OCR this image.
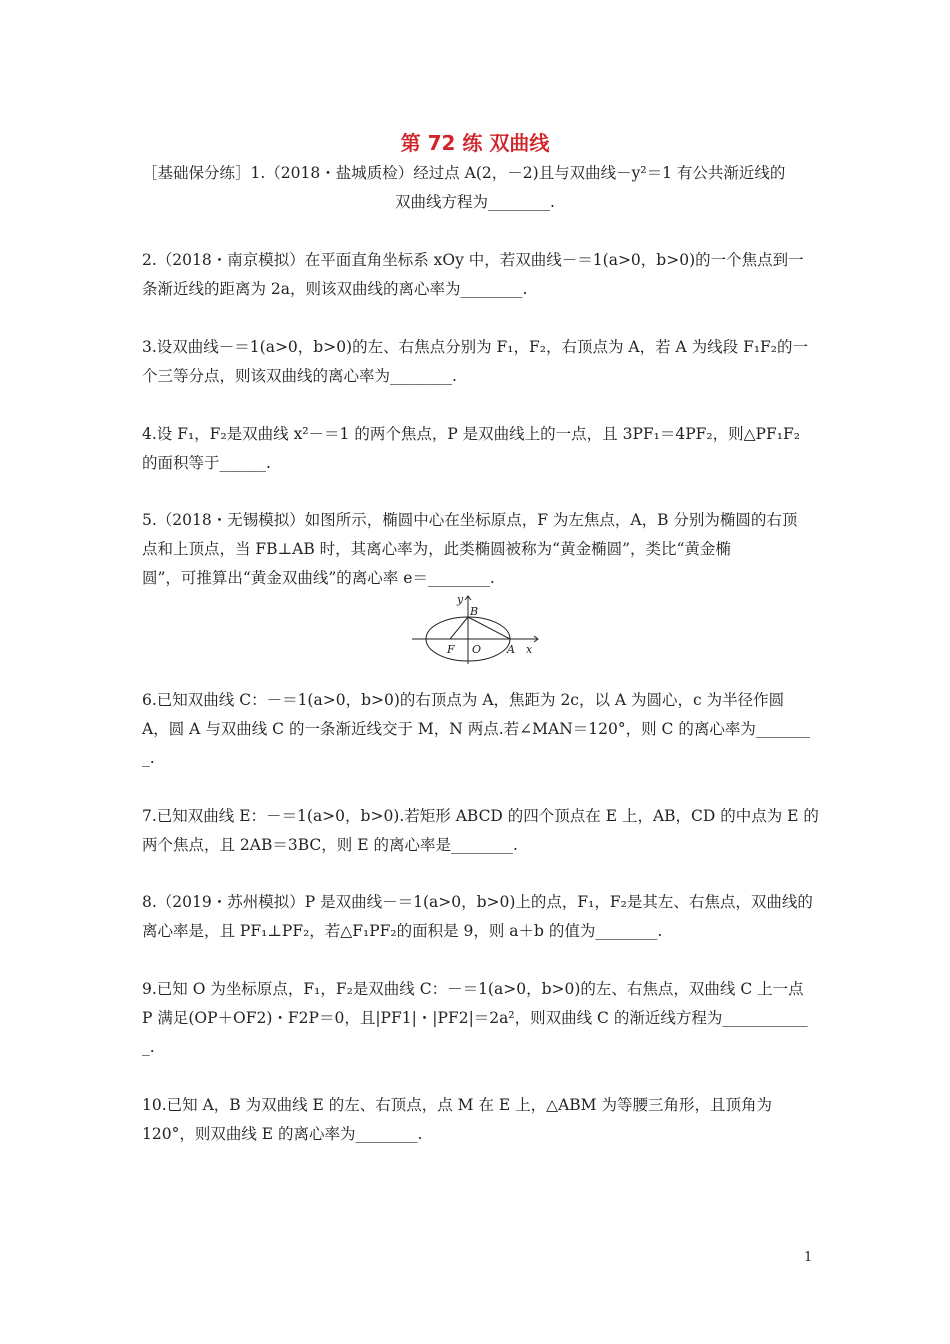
第 72 练 双曲线
［基础保分练］1.（2018・盐城质检）经过点 A(2，－2)且与双曲线－y²＝1 有公共渐近线的
双曲线方程为________.
2.（2018・南京模拟）在平面直角坐标系 xOy 中，若双曲线－＝1(a>0，b>0)的一个焦点到一
条渐近线的距离为 2a，则该双曲线的离心率为________.
3.设双曲线－＝1(a>0，b>0)的左、右焦点分别为 F₁，F₂，右顶点为 A，若 A 为线段 F₁F₂的一
个三等分点，则该双曲线的离心率为________.
4.设 F₁，F₂是双曲线 x²－＝1 的两个焦点，P 是双曲线上的一点，且 3PF₁＝4PF₂，则△PF₁F₂
的面积等于______.
5.（2018・无锡模拟）如图所示，椭圆中心在坐标原点，F 为左焦点，A，B 分别为椭圆的右顶
点和上顶点，当 FB⊥AB 时，其离心率为，此类椭圆被称为“黄金椭圆”，类比“黄金椭
圆”，可推算出“黄金双曲线”的离心率 e＝________.
y
B
F O A x
6.已知双曲线 C：－＝1(a>0，b>0)的右顶点为 A，焦距为 2c，以 A 为圆心，c 为半径作圆
A，圆 A 与双曲线 C 的一条渐近线交于 M，N 两点.若∠MAN＝120°，则 C 的离心率为_______
_.
7.已知双曲线 E：－＝1(a>0，b>0).若矩形 ABCD 的四个顶点在 E 上，AB，CD 的中点为 E 的
两个焦点，且 2AB＝3BC，则 E 的离心率是________.
8.（2019・苏州模拟）P 是双曲线－＝1(a>0，b>0)上的点，F₁，F₂是其左、右焦点，双曲线的
离心率是，且 PF₁⊥PF₂，若△F₁PF₂的面积是 9，则 a＋b 的值为________.
9.已知 O 为坐标原点，F₁，F₂是双曲线 C：－＝1(a>0，b>0)的左、右焦点，双曲线 C 上一点
P 满足(OP＋OF2)・F2P＝0，且|PF1|・|PF2|＝2a²，则双曲线 C 的渐近线方程为___________
_.
10.已知 A，B 为双曲线 E 的左、右顶点，点 M 在 E 上，△ABM 为等腰三角形，且顶角为
120°，则双曲线 E 的离心率为________.
1
